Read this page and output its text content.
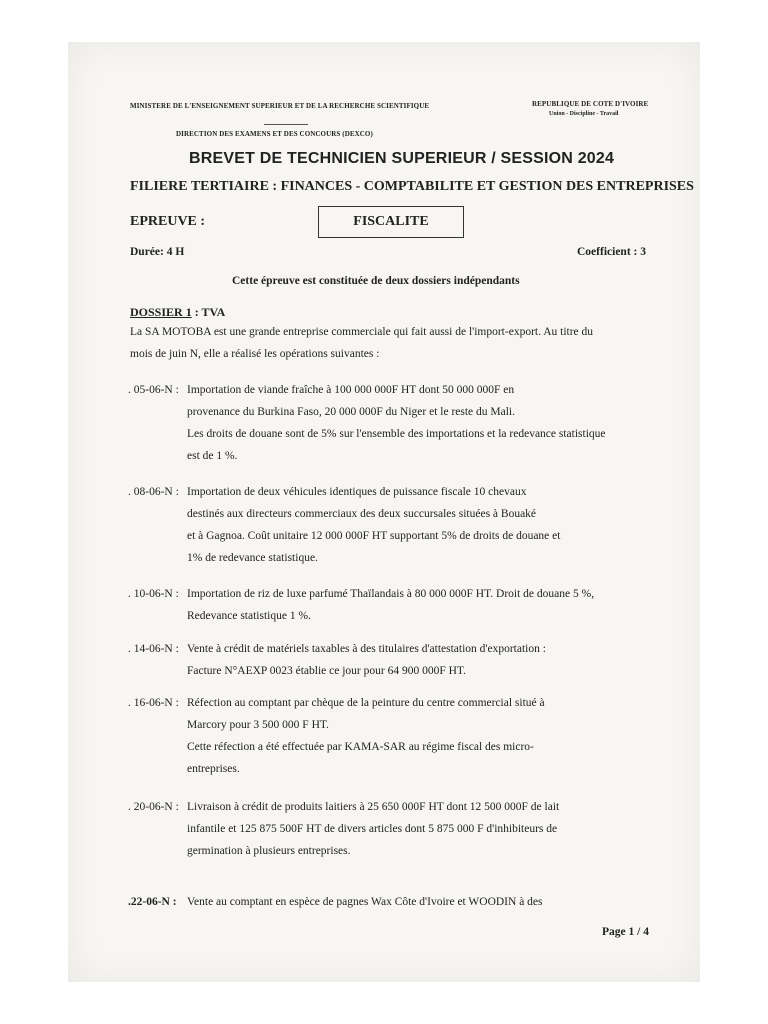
MINISTERE DE L'ENSEIGNEMENT SUPERIEUR ET DE LA RECHERCHE SCIENTIFIQUE	REPUBLIQUE DE COTE D'IVOIRE
Union - Discipline - Travail
DIRECTION DES EXAMENS ET DES CONCOURS (DEXCO)
BREVET DE TECHNICIEN SUPERIEUR / SESSION 2024
FILIERE TERTIAIRE : FINANCES - COMPTABILITE ET GESTION DES ENTREPRISES
EPREUVE :	FISCALITE
Durée: 4 H	Coefficient : 3
Cette épreuve est constituée de deux dossiers indépendants
DOSSIER 1 : TVA
La SA MOTOBA est une grande entreprise commerciale qui fait aussi de l'import-export. Au titre du
mois de juin N, elle a réalisé les opérations suivantes :
. 05-06-N : Importation de viande fraîche à 100 000 000F HT dont 50 000 000F en
provenance du Burkina Faso, 20 000 000F du Niger et le reste du Mali.
Les droits de douane sont de 5% sur l'ensemble des importations et la redevance statistique
est de 1 %.
. 08-06-N : Importation de deux véhicules identiques de puissance fiscale 10 chevaux
destinés aux directeurs commerciaux des deux succursales situées à Bouaké
et à Gagnoa. Coût unitaire 12 000 000F HT supportant 5% de droits de douane et
1% de redevance statistique.
. 10-06-N : Importation de riz de luxe parfumé Thaïlandais à 80 000 000F HT. Droit de douane 5 %,
Redevance statistique 1 %.
. 14-06-N : Vente à crédit de matériels taxables à des titulaires d'attestation d'exportation :
Facture N°AEXP 0023 établie ce jour pour 64 900 000F HT.
. 16-06-N : Réfection au comptant par chèque de la peinture du centre commercial situé à
Marcory pour 3 500 000 F HT.
Cette réfection a été effectuée par KAMA-SAR au régime fiscal des micro-
entreprises.
. 20-06-N : Livraison à crédit de produits laitiers à 25 650 000F HT dont 12 500 000F de lait
infantile et 125 875 500F HT de divers articles dont 5 875 000 F d'inhibiteurs de
germination à plusieurs entreprises.
.22-06-N : Vente au comptant en espèce de pagnes Wax Côte d'Ivoire et WOODIN à des
Page 1 / 4
